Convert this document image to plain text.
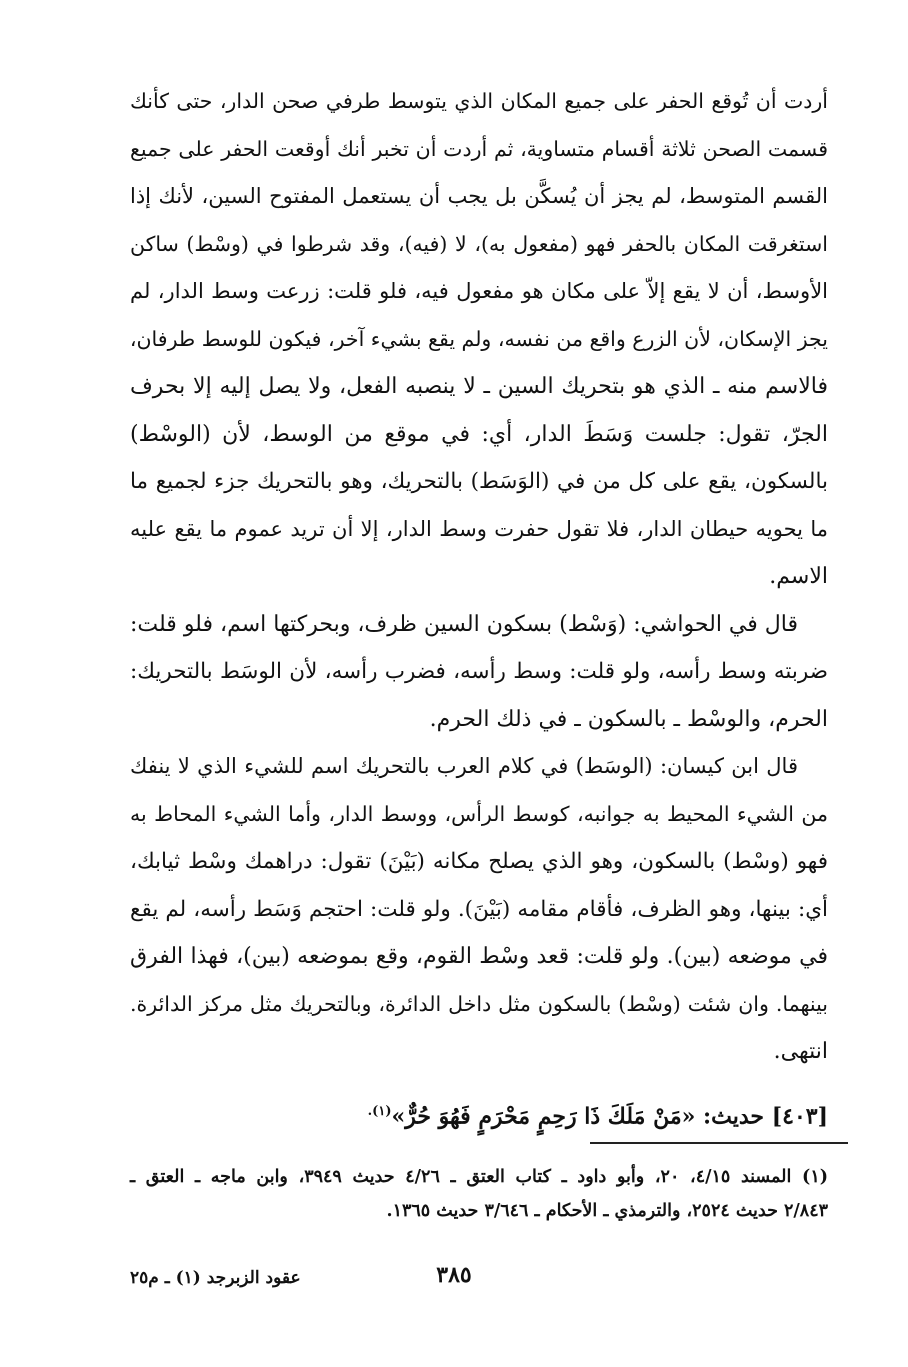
أردت أن تُوقع الحفر على جميع المكان الذي يتوسط طرفي صحن الدار، حتى كأنك
قسمت الصحن ثلاثة أقسام متساوية، ثم أردت أن تخبر أنك أوقعت الحفر على جميع
القسم المتوسط، لم يجز أن يُسكَّن بل يجب أن يستعمل المفتوح السين، لأنك إذا
استغرقت المكان بالحفر فهو (مفعول به)، لا (فيه)، وقد شرطوا في (وسْط) ساكن
الأوسط، أن لا يقع إلاّ على مكان هو مفعول فيه، فلو قلت: زرعت وسط الدار، لم
يجز الإسكان، لأن الزرع واقع من نفسه، ولم يقع بشيء آخر، فيكون للوسط طرفان،
فالاسم منه ـ الذي هو بتحريك السين ـ لا ينصبه الفعل، ولا يصل إليه إلا بحرف
الجرّ، تقول: جلست وَسَطَ الدار، أي: في موقع من الوسط، لأن (الوسْط)
بالسكون، يقع على كل من في (الوَسَط) بالتحريك، وهو بالتحريك جزء لجميع ما
ما يحويه حيطان الدار، فلا تقول حفرت وسط الدار، إلا أن تريد عموم ما يقع عليه
الاسم.
قال في الحواشي: (وَسْط) بسكون السين ظرف، وبحركتها اسم، فلو قلت:
ضربته وسط رأسه، ولو قلت: وسط رأسه، فضرب رأسه، لأن الوسَط بالتحريك:
الحرم، والوسْط ـ بالسكون ـ في ذلك الحرم.
قال ابن كيسان: (الوسَط) في كلام العرب بالتحريك اسم للشيء الذي لا ينفك
من الشيء المحيط به جوانبه، كوسط الرأس، ووسط الدار، وأما الشيء المحاط به
فهو (وسْط) بالسكون، وهو الذي يصلح مكانه (بَيْنَ) تقول: دراهمك وسْط ثيابك،
أي: بينها، وهو الظرف، فأقام مقامه (بَيْنَ). ولو قلت: احتجم وَسَط رأسه، لم يقع
في موضعه (بين). ولو قلت: قعد وسْط القوم، وقع بموضعه (بين)، فهذا الفرق
بينهما. وان شئت (وسْط) بالسكون مثل داخل الدائرة، وبالتحريك مثل مركز الدائرة.
انتهى.
[٤٠٣] حديث: «مَنْ مَلَكَ ذَا رَحِمٍ مَحْرَمٍ فَهُوَ حُرٌّ»$^{(١).}$
(١) المسند ٤/١٥، ٢٠، وأبو داود ـ كتاب العتق ـ ٤/٢٦ حديث ٣٩٤٩، وابن ماجه ـ العتق ـ
٢/٨٤٣ حديث ٢٥٢٤، والترمذي ـ الأحكام ـ ٣/٦٤٦ حديث ١٣٦٥.
٣٨٥
عقود الزبرجد (١) ـ م٢٥
